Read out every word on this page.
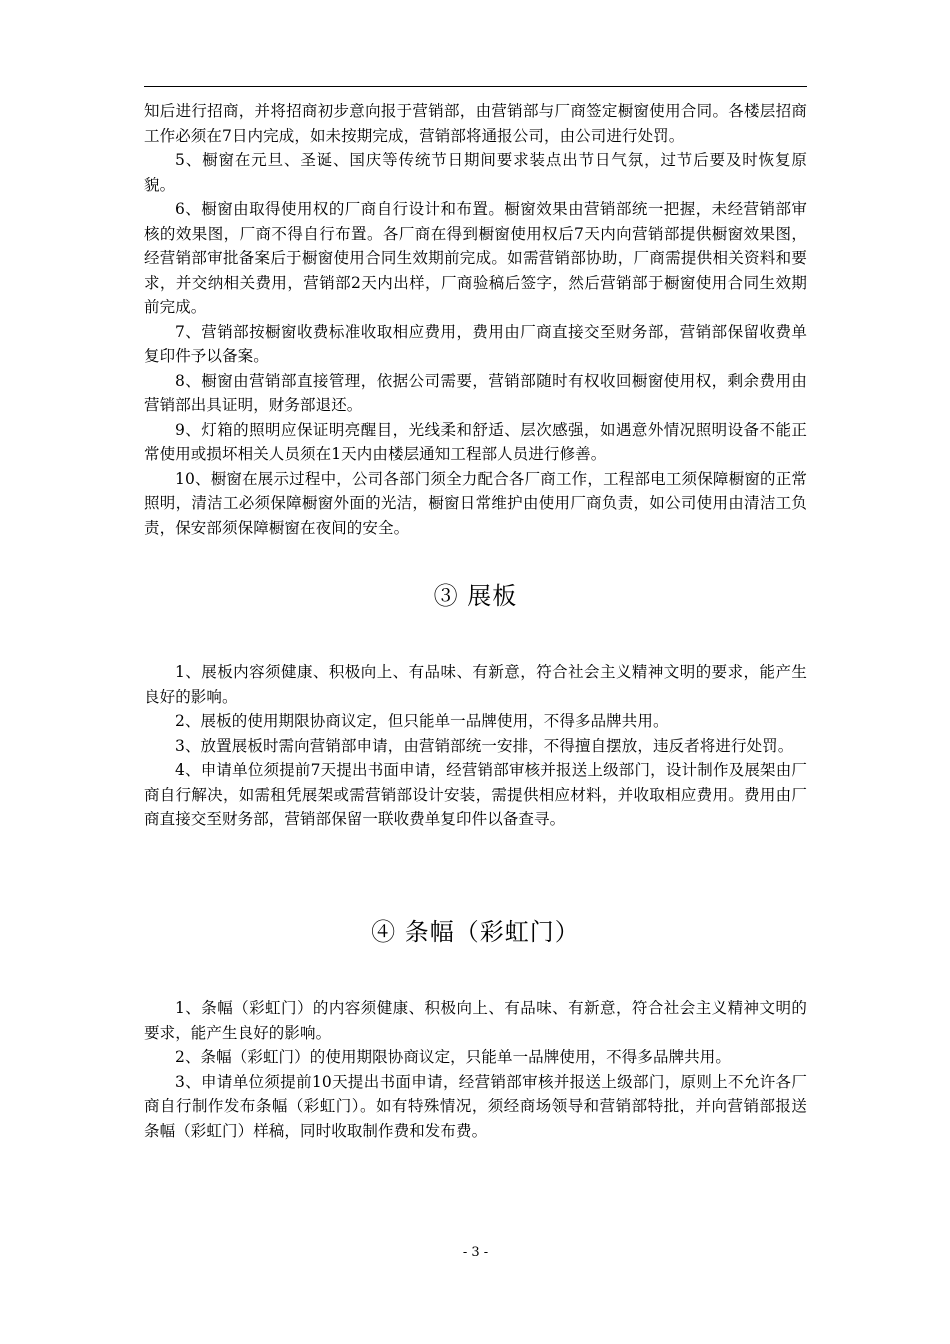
知后进行招商，并将招商初步意向报于营销部，由营销部与厂商签定橱窗使用合同。各楼层招商工作必须在7日内完成，如未按期完成，营销部将通报公司，由公司进行处罚。

5、橱窗在元旦、圣诞、国庆等传统节日期间要求装点出节日气氛，过节后要及时恢复原貌。

6、橱窗由取得使用权的厂商自行设计和布置。橱窗效果由营销部统一把握，未经营销部审核的效果图，厂商不得自行布置。各厂商在得到橱窗使用权后7天内向营销部提供橱窗效果图，经营销部审批备案后于橱窗使用合同生效期前完成。如需营销部协助，厂商需提供相关资料和要求，并交纳相关费用，营销部2天内出样，厂商验稿后签字，然后营销部于橱窗使用合同生效期前完成。

7、营销部按橱窗收费标准收取相应费用，费用由厂商直接交至财务部，营销部保留收费单复印件予以备案。

8、橱窗由营销部直接管理，依据公司需要，营销部随时有权收回橱窗使用权，剩余费用由营销部出具证明，财务部退还。

9、灯箱的照明应保证明亮醒目，光线柔和舒适、层次感强，如遇意外情况照明设备不能正常使用或损坏相关人员须在1天内由楼层通知工程部人员进行修善。

10、橱窗在展示过程中，公司各部门须全力配合各厂商工作，工程部电工须保障橱窗的正常照明，清洁工必须保障橱窗外面的光洁，橱窗日常维护由使用厂商负责，如公司使用由清洁工负责，保安部须保障橱窗在夜间的安全。

③ 展板

1、展板内容须健康、积极向上、有品味、有新意，符合社会主义精神文明的要求，能产生良好的影响。

2、展板的使用期限协商议定，但只能单一品牌使用，不得多品牌共用。

3、放置展板时需向营销部申请，由营销部统一安排，不得擅自摆放，违反者将进行处罚。

4、申请单位须提前7天提出书面申请，经营销部审核并报送上级部门，设计制作及展架由厂商自行解决，如需租凭展架或需营销部设计安装，需提供相应材料，并收取相应费用。费用由厂商直接交至财务部，营销部保留一联收费单复印件以备查寻。

④ 条幅（彩虹门）

1、条幅（彩虹门）的内容须健康、积极向上、有品味、有新意，符合社会主义精神文明的要求，能产生良好的影响。

2、条幅（彩虹门）的使用期限协商议定，只能单一品牌使用，不得多品牌共用。

3、申请单位须提前10天提出书面申请，经营销部审核并报送上级部门，原则上不允许各厂商自行制作发布条幅（彩虹门）。如有特殊情况，须经商场领导和营销部特批，并向营销部报送条幅（彩虹门）样稿，同时收取制作费和发布费。

- 3 -
